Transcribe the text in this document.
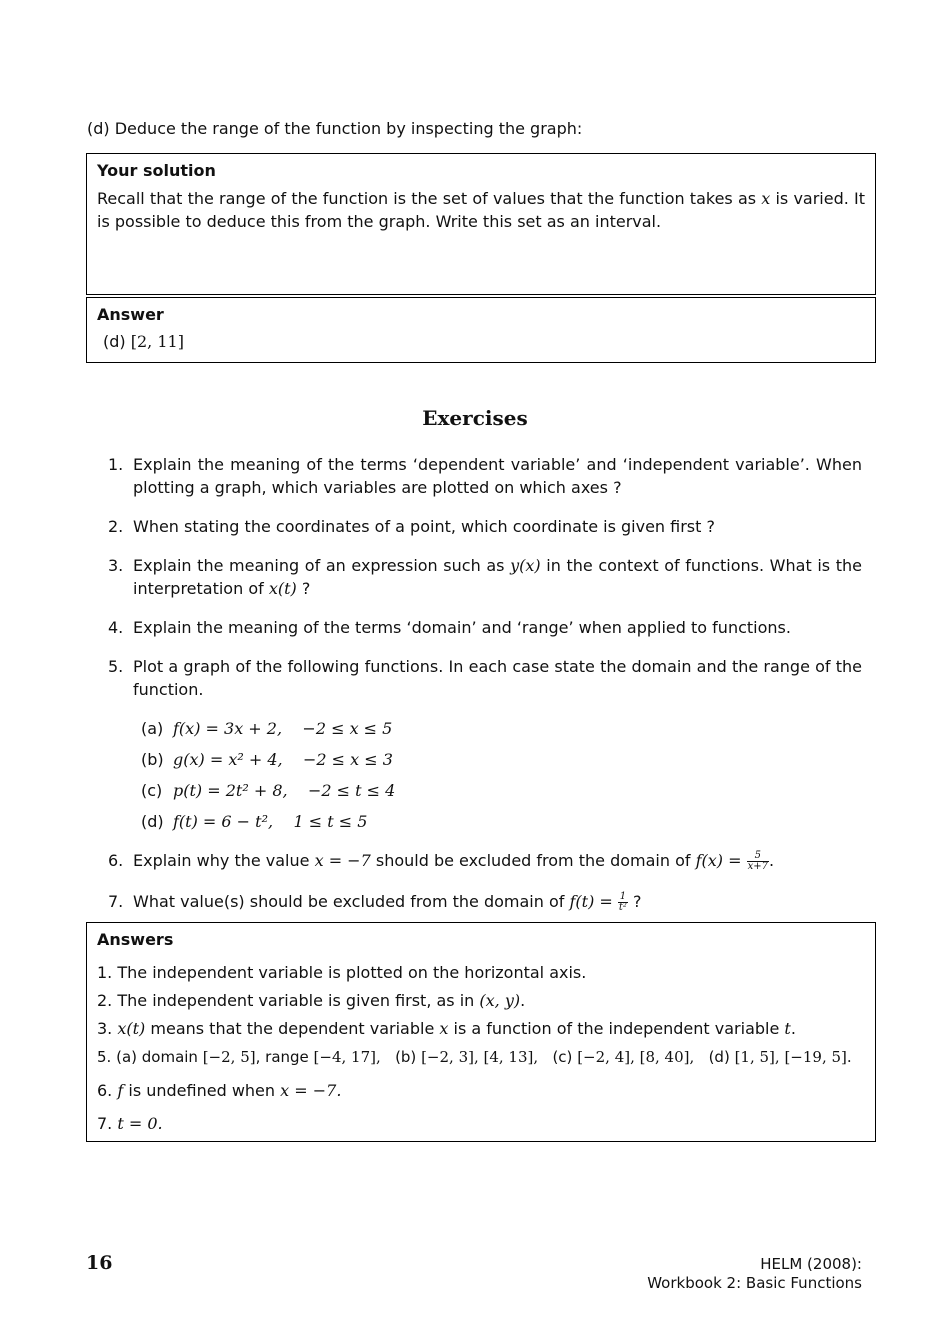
(d) Deduce the range of the function by inspecting the graph:
Your solution
Recall that the range of the function is the set of values that the function takes as x is varied. It is possible to deduce this from the graph. Write this set as an interval.
Answer
(d) [2, 11]
Exercises
1. Explain the meaning of the terms ‘dependent variable’ and ‘independent variable’. When plotting a graph, which variables are plotted on which axes ?
2. When stating the coordinates of a point, which coordinate is given first ?
3. Explain the meaning of an expression such as y(x) in the context of functions. What is the interpretation of x(t) ?
4. Explain the meaning of the terms ‘domain’ and ‘range’ when applied to functions.
5. Plot a graph of the following functions. In each case state the domain and the range of the function.
(a) f(x) = 3x + 2, −2 ≤ x ≤ 5
(b) g(x) = x² + 4, −2 ≤ x ≤ 3
(c) p(t) = 2t² + 8, −2 ≤ t ≤ 4
(d) f(t) = 6 − t², 1 ≤ t ≤ 5
6. Explain why the value x = −7 should be excluded from the domain of $f(x) = \frac{5}{x+7}$ .
7. What value(s) should be excluded from the domain of $f(t) = \frac{1}{\text{t²}}$ ?
Answers
1. The independent variable is plotted on the horizontal axis.
2. The independent variable is given first, as in (x, y).
3. x(t) means that the dependent variable x is a function of the independent variable t.
5. (a) domain [−2, 5], range [−4, 17], (b) [−2, 3], [4, 13], (c) [−2, 4], [8, 40], (d) [1, 5], [−19, 5].
6. f is undefined when x = −7.
7. t = 0.
16	HELM (2008):
Workbook 2: Basic Functions
